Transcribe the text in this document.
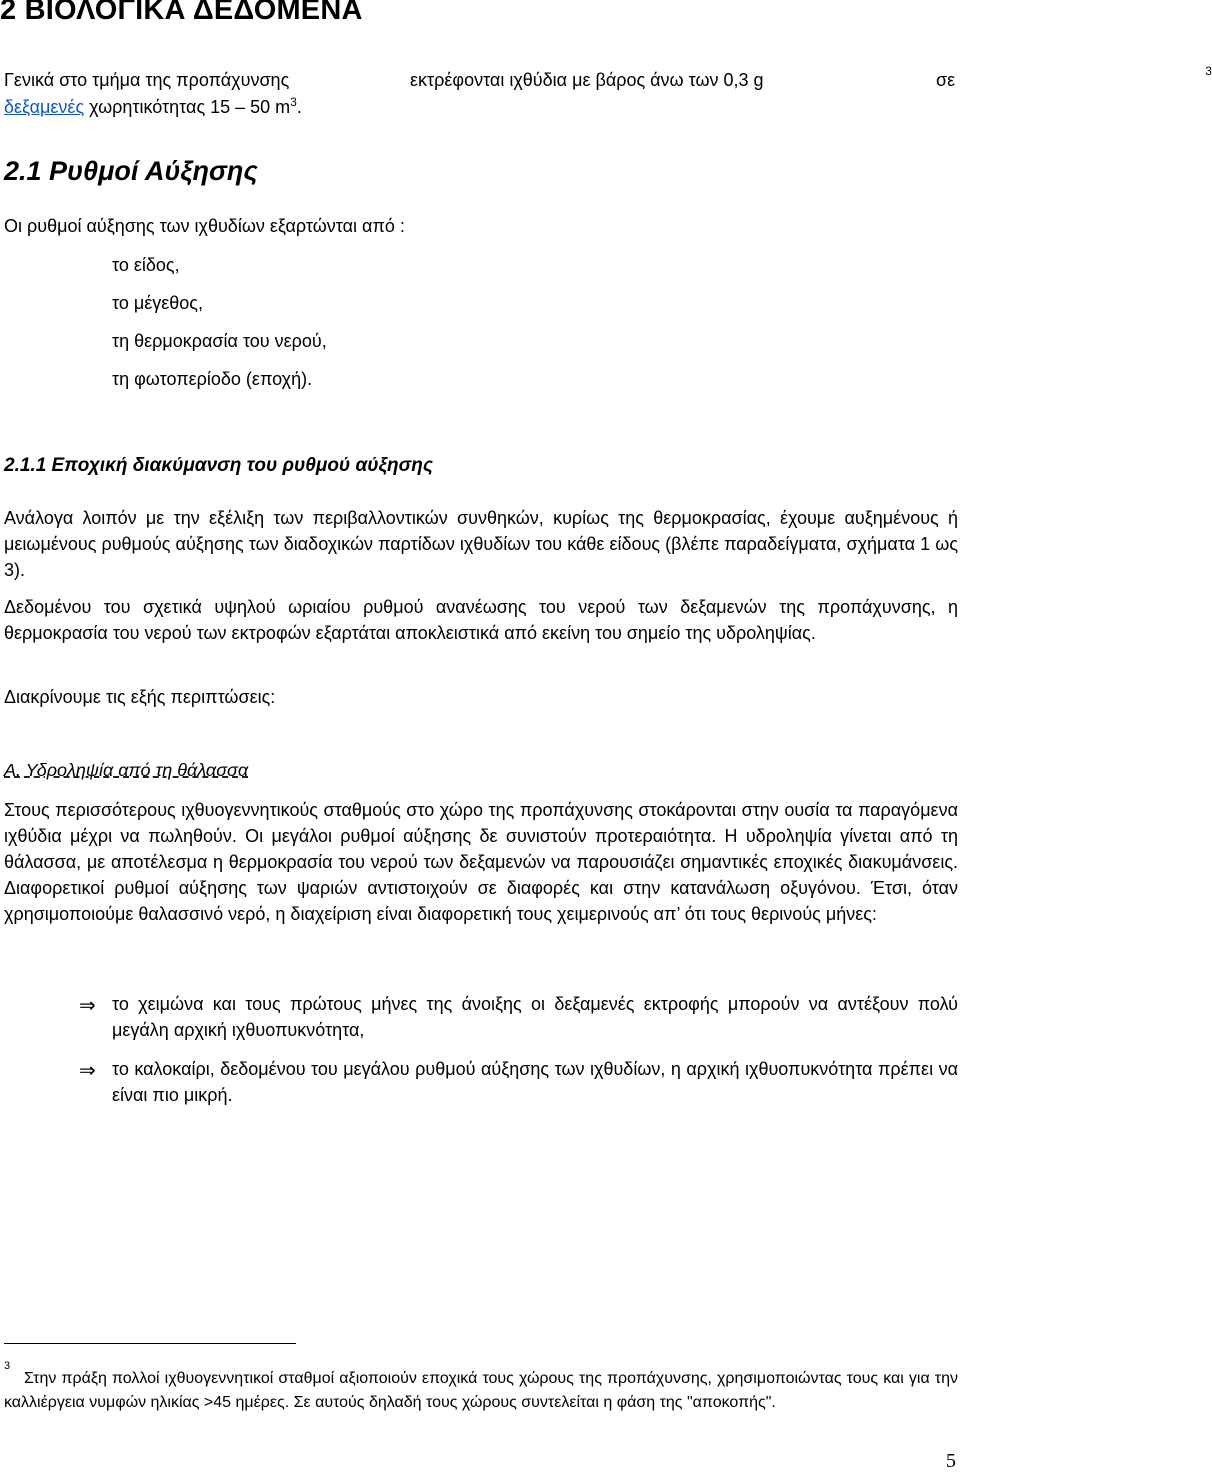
2 ΒΙΟΛΟΓΙΚΑ ΔΕΔΟΜΕΝΑ
Γενικά στο τμήμα της προπάχυνσης	εκτρέφονται ιχθύδια με βάρος άνω των 0,3 g	$^3$
σε
δεξαμενές χωρητικότητας 15 – 50 $m^3$.
2.1 Ρυθμοί Αύξησης
Οι ρυθμοί αύξησης των ιχθυδίων εξαρτώνται από :
το είδος,
το μέγεθος,
τη θερμοκρασία του νερού,
τη φωτοπερίοδο (εποχή).
2.1.1 Εποχική διακύμανση του ρυθμού αύξησης
Ανάλογα λοιπόν με την εξέλιξη των περιβαλλοντικών συνθηκών, κυρίως της θερμοκρασίας, έχουμε αυξημένους ή μειωμένους ρυθμούς αύξησης των διαδοχικών παρτίδων ιχθυδίων του κάθε είδους (βλέπε παραδείγματα, σχήματα 1 ως 3).
Δεδομένου του σχετικά υψηλού ωριαίου ρυθμού ανανέωσης του νερού των δεξαμενών της προπάχυνσης, η θερμοκρασία του νερού των εκτροφών εξαρτάται αποκλειστικά από εκείνη του σημείο της υδροληψίας.
Διακρίνουμε τις εξής περιπτώσεις:
Α. Υδροληψία από τη θάλασσα
Στους περισσότερους ιχθυογεννητικούς σταθμούς στο χώρο της προπάχυνσης στοκάρονται στην ουσία τα παραγόμενα ιχθύδια μέχρι να πωληθούν. Οι μεγάλοι ρυθμοί αύξησης δε συνιστούν προτεραιότητα. Η υδροληψία γίνεται από τη θάλασσα, με αποτέλεσμα η θερμοκρασία του νερού των δεξαμενών να παρουσιάζει σημαντικές εποχικές διακυμάνσεις. Διαφορετικοί ρυθμοί αύξησης των ψαριών αντιστοιχούν σε διαφορές και στην κατανάλωση οξυγόνου. Έτσι, όταν χρησιμοποιούμε θαλασσινό νερό, η διαχείριση είναι διαφορετική τους χειμερινούς απ’ ότι τους θερινούς μήνες:
⇒ το χειμώνα και τους πρώτους μήνες της άνοιξης οι δεξαμενές εκτροφής μπορούν να αντέξουν πολύ μεγάλη αρχική ιχθυοπυκνότητα,
⇒ το καλοκαίρι, δεδομένου του μεγάλου ρυθμού αύξησης των ιχθυδίων, η αρχική ιχθυοπυκνότητα πρέπει να είναι πιο μικρή.
3
Στην πράξη πολλοί ιχθυογεννητικοί σταθμοί αξιοποιούν εποχικά τους χώρους της προπάχυνσης, χρησιμοποιώντας τους και για την καλλιέργεια νυμφών ηλικίας >45 ημέρες. Σε αυτούς δηλαδή τους χώρους συντελείται η φάση της "αποκοπής".
5
